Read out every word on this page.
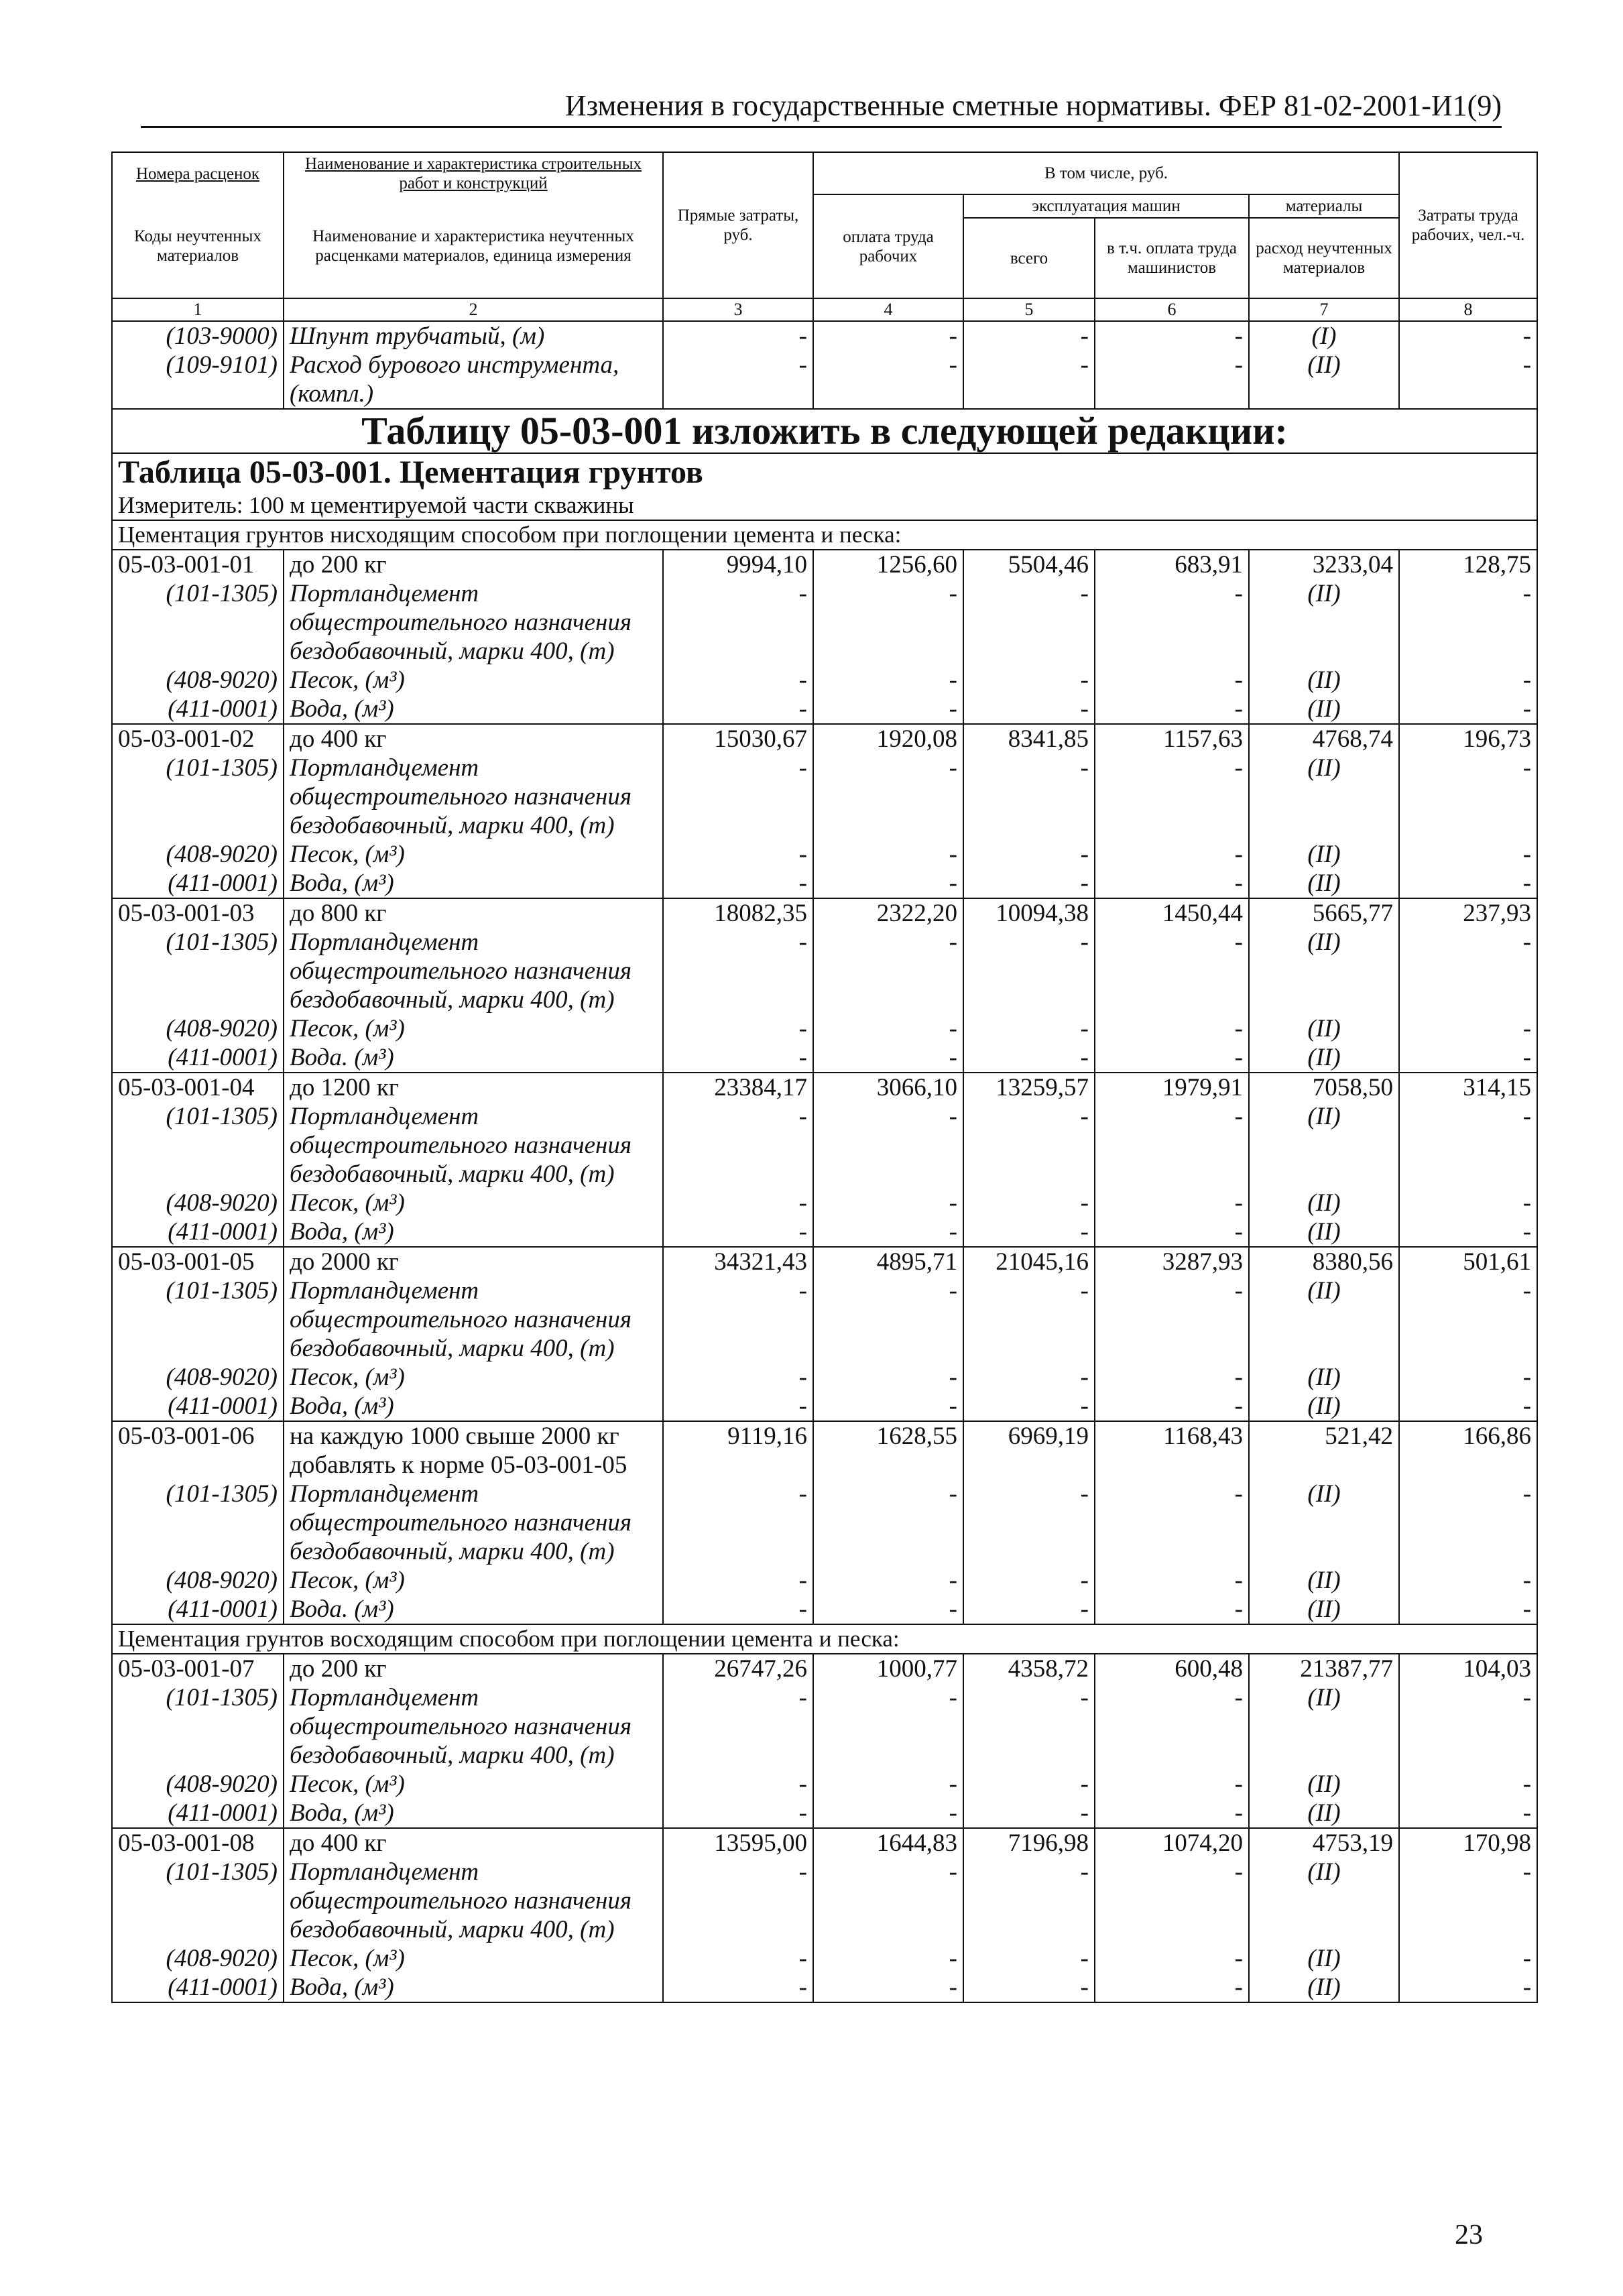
Изменения в государственные сметные нормативы. ФЕР 81-02-2001-И1(9)
Номера расценок	Наименование и характеристика строительных работ и конструкций	Прямые затраты, руб.	В том числе, руб.				Затраты труда рабочих, чел.-ч.
Коды неучтенных материалов	Наименование и характеристика неучтенных расценками материалов, единица измерения		оплата труда рабочих	эксплуатация машин		материалы	
				всего	в т.ч. оплата труда машинистов	расход неучтенных материалов	
1	2	3	4	5	6	7	8
(103-9000)	Шпунт трубчатый, (м)	-	-	-	-	(I)	-
(109-9101)	Расход бурового инструмента,	-	-	-	-	(II)	-
	(компл.)						
Таблицу 05-03-001 изложить в следующей редакции:							
Таблица 05-03-001. Цементация грунтов							
Измеритель: 100 м цементируемой части скважины							
Цементация грунтов нисходящим способом при поглощении цемента и песка:							
05-03-001-01	до 200 кг	9994,10	1256,60	5504,46	683,91	3233,04	128,75
(101-1305)	Портландцемент	-	-	-	-	(II)	-
	общестроительного назначения						
	бездобавочный, марки 400, (т)						
(408-9020)	Песок, (м³)	-	-	-	-	(II)	-
(411-0001)	Вода, (м³)	-	-	-	-	(II)	-
05-03-001-02	до 400 кг	15030,67	1920,08	8341,85	1157,63	4768,74	196,73
(101-1305)	Портландцемент	-	-	-	-	(II)	-
	общестроительного назначения						
	бездобавочный, марки 400, (т)						
(408-9020)	Песок, (м³)	-	-	-	-	(II)	-
(411-0001)	Вода, (м³)	-	-	-	-	(II)	-
05-03-001-03	до 800 кг	18082,35	2322,20	10094,38	1450,44	5665,77	237,93
(101-1305)	Портландцемент	-	-	-	-	(II)	-
	общестроительного назначения						
	бездобавочный, марки 400, (т)						
(408-9020)	Песок, (м³)	-	-	-	-	(II)	-
(411-0001)	Вода. (м³)	-	-	-	-	(II)	-
05-03-001-04	до 1200 кг	23384,17	3066,10	13259,57	1979,91	7058,50	314,15
(101-1305)	Портландцемент	-	-	-	-	(II)	-
	общестроительного назначения						
	бездобавочный, марки 400, (т)						
(408-9020)	Песок, (м³)	-	-	-	-	(II)	-
(411-0001)	Вода, (м³)	-	-	-	-	(II)	-
05-03-001-05	до 2000 кг	34321,43	4895,71	21045,16	3287,93	8380,56	501,61
(101-1305)	Портландцемент	-	-	-	-	(II)	-
	общестроительного назначения						
	бездобавочный, марки 400, (т)						
(408-9020)	Песок, (м³)	-	-	-	-	(II)	-
(411-0001)	Вода, (м³)	-	-	-	-	(II)	-
05-03-001-06	на каждую 1000 свыше 2000 кг	9119,16	1628,55	6969,19	1168,43	521,42	166,86
	добавлять к норме 05-03-001-05						
(101-1305)	Портландцемент	-	-	-	-	(II)	-
	общестроительного назначения						
	бездобавочный, марки 400, (т)						
(408-9020)	Песок, (м³)	-	-	-	-	(II)	-
(411-0001)	Вода. (м³)	-	-	-	-	(II)	-
Цементация грунтов восходящим способом при поглощении цемента и песка:							
05-03-001-07	до 200 кг	26747,26	1000,77	4358,72	600,48	21387,77	104,03
(101-1305)	Портландцемент	-	-	-	-	(II)	-
	общестроительного назначения						
	бездобавочный, марки 400, (т)						
(408-9020)	Песок, (м³)	-	-	-	-	(II)	-
(411-0001)	Вода, (м³)	-	-	-	-	(II)	-
05-03-001-08	до 400 кг	13595,00	1644,83	7196,98	1074,20	4753,19	170,98
(101-1305)	Портландцемент	-	-	-	-	(II)	-
	общестроительного назначения						
	бездобавочный, марки 400, (т)						
(408-9020)	Песок, (м³)	-	-	-	-	(II)	-
(411-0001)	Вода, (м³)	-	-	-	-	(II)	-
23
